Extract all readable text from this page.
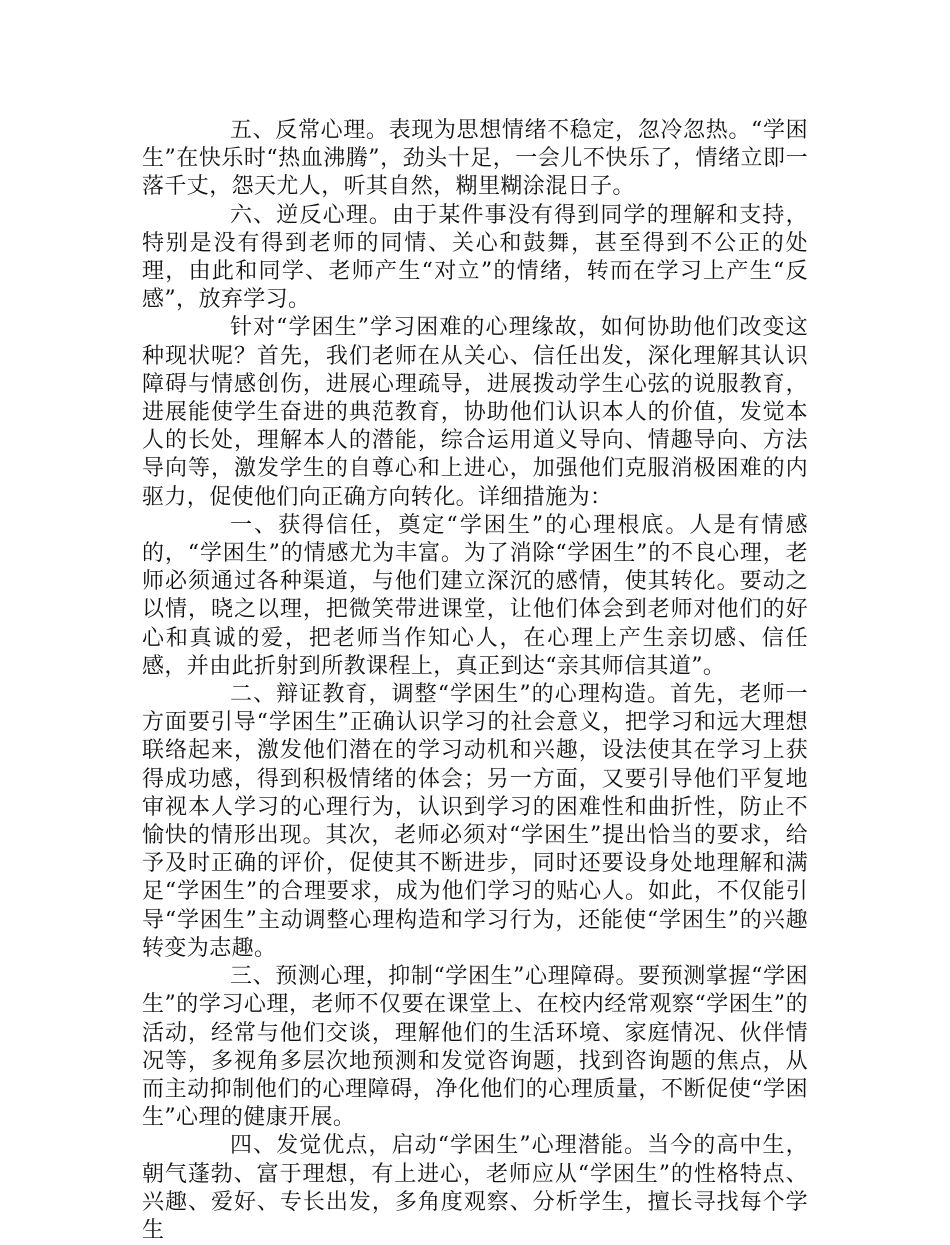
五、反常心理。表现为思想情绪不稳定，忽冷忽热。“学困生”在快乐时“热血沸腾”，劲头十足，一会儿不快乐了，情绪立即一落千丈，怨天尤人，听其自然，糊里糊涂混日子。

六、逆反心理。由于某件事没有得到同学的理解和支持，特别是没有得到老师的同情、关心和鼓舞，甚至得到不公正的处理，由此和同学、老师产生“对立”的情绪，转而在学习上产生“反感”，放弃学习。

针对“学困生”学习困难的心理缘故，如何协助他们改变这种现状呢？首先，我们老师在从关心、信任出发，深化理解其认识障碍与情感创伤，进展心理疏导，进展拨动学生心弦的说服教育，进展能使学生奋进的典范教育，协助他们认识本人的价值，发觉本人的长处，理解本人的潜能，综合运用道义导向、情趣导向、方法导向等，激发学生的自尊心和上进心，加强他们克服消极困难的内驱力，促使他们向正确方向转化。详细措施为：

一、获得信任，奠定“学困生”的心理根底。人是有情感的，“学困生”的情感尤为丰富。为了消除“学困生”的不良心理，老师必须通过各种渠道，与他们建立深沉的感情，使其转化。要动之以情，晓之以理，把微笑带进课堂，让他们体会到老师对他们的好心和真诚的爱，把老师当作知心人，在心理上产生亲切感、信任感，并由此折射到所教课程上，真正到达“亲其师信其道”。

二、辩证教育，调整“学困生”的心理构造。首先，老师一方面要引导“学困生”正确认识学习的社会意义，把学习和远大理想联络起来，激发他们潜在的学习动机和兴趣，设法使其在学习上获得成功感，得到积极情绪的体会；另一方面，又要引导他们平复地审视本人学习的心理行为，认识到学习的困难性和曲折性，防止不愉快的情形出现。其次，老师必须对“学困生”提出恰当的要求，给予及时正确的评价，促使其不断进步，同时还要设身处地理解和满足“学困生”的合理要求，成为他们学习的贴心人。如此，不仅能引导“学困生”主动调整心理构造和学习行为，还能使“学困生”的兴趣转变为志趣。

三、预测心理，抑制“学困生”心理障碍。要预测掌握“学困生”的学习心理，老师不仅要在课堂上、在校内经常观察“学困生”的活动，经常与他们交谈，理解他们的生活环境、家庭情况、伙伴情况等，多视角多层次地预测和发觉咨询题，找到咨询题的焦点，从而主动抑制他们的心理障碍，净化他们的心理质量，不断促使“学困生”心理的健康开展。

四、发觉优点，启动“学困生”心理潜能。当今的高中生，朝气蓬勃、富于理想，有上进心，老师应从“学困生”的性格特点、兴趣、爱好、专长出发，多角度观察、分析学生，擅长寻找每个学生
